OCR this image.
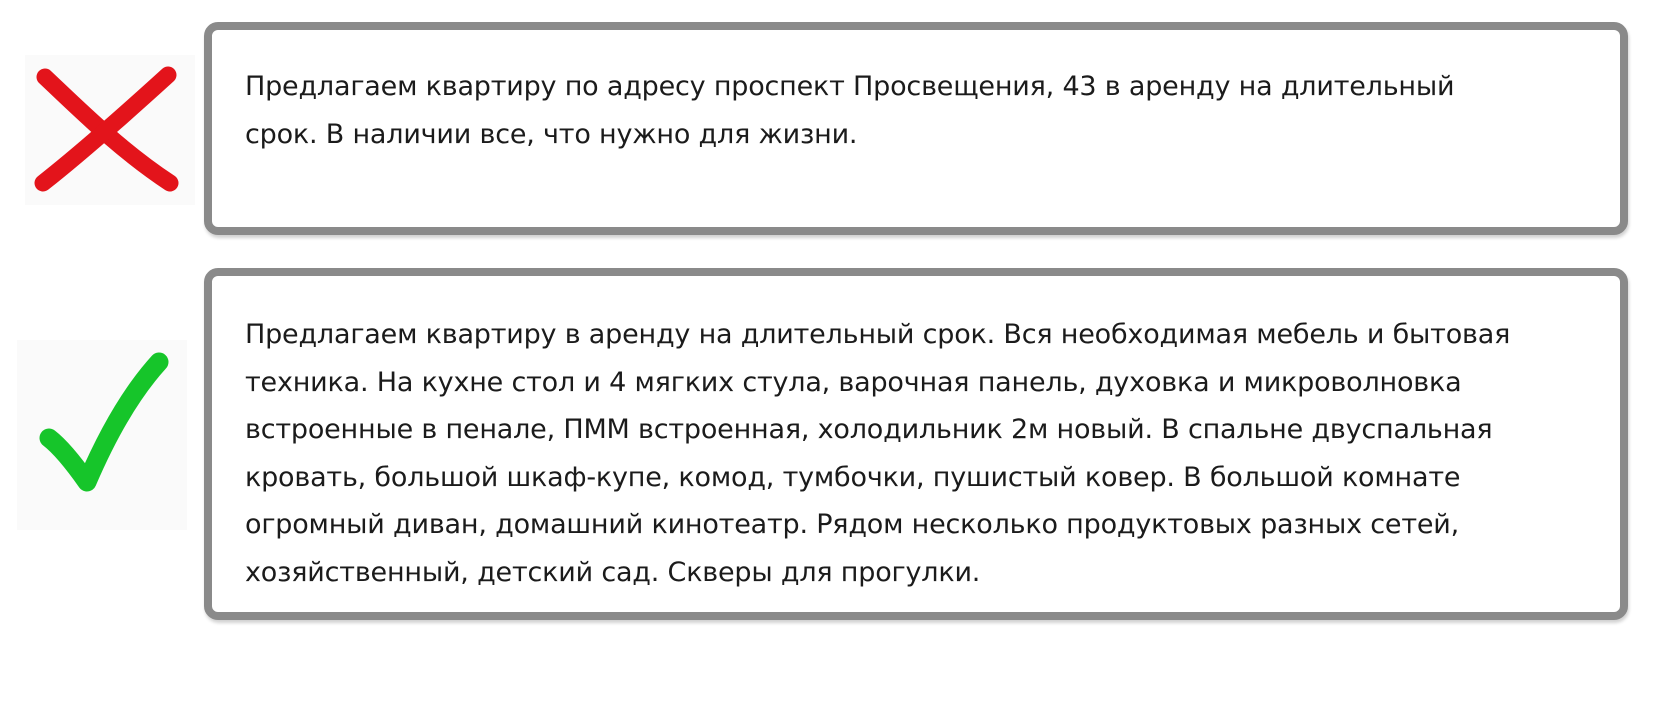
Предлагаем квартиру по адресу проспект Просвещения, 43 в аренду на длительный
срок. В наличии все, что нужно для жизни.

Предлагаем квартиру в аренду на длительный срок. Вся необходимая мебель и бытовая
техника. На кухне стол и 4 мягких стула, варочная панель, духовка и микроволновка
встроенные в пенале, ПММ встроенная, холодильник 2м новый. В спальне двуспальная
кровать, большой шкаф-купе, комод, тумбочки, пушистый ковер. В большой комнате
огромный диван, домашний кинотеатр. Рядом несколько продуктовых разных сетей,
хозяйственный, детский сад. Скверы для прогулки.
